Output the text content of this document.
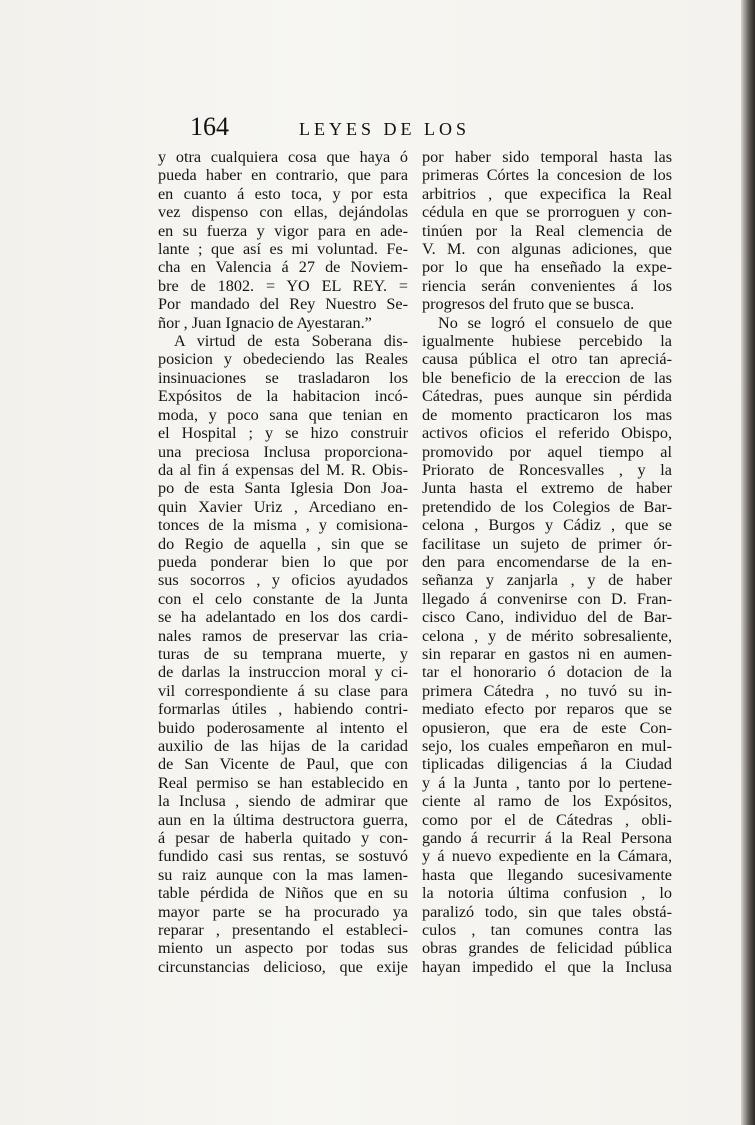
164	LEYES DE LOS
y otra cualquiera cosa que haya ó
pueda haber en contrario, que para
en cuanto á esto toca, y por esta
vez dispenso con ellas, dejándolas
en su fuerza y vigor para en ade-
lante ; que así es mi voluntad. Fe-
cha en Valencia á 27 de Noviem-
bre de 1802. = YO EL REY. =
Por mandado del Rey Nuestro Se-
ñor , Juan Ignacio de Ayestaran.”
A virtud de esta Soberana dis-
posicion y obedeciendo las Reales
insinuaciones se trasladaron los
Expósitos de la habitacion incó-
moda, y poco sana que tenian en
el Hospital ; y se hizo construir
una preciosa Inclusa proporciona-
da al fin á expensas del M. R. Obis-
po de esta Santa Iglesia Don Joa-
quin Xavier Uriz , Arcediano en-
tonces de la misma , y comisiona-
do Regio de aquella , sin que se
pueda ponderar bien lo que por
sus socorros , y oficios ayudados
con el celo constante de la Junta
se ha adelantado en los dos cardi-
nales ramos de preservar las cria-
turas de su temprana muerte, y
de darlas la instruccion moral y ci-
vil correspondiente á su clase para
formarlas útiles , habiendo contri-
buido poderosamente al intento el
auxilio de las hijas de la caridad
de San Vicente de Paul, que con
Real permiso se han establecido en
la Inclusa , siendo de admirar que
aun en la última destructora guerra,
á pesar de haberla quitado y con-
fundido casi sus rentas, se sostuvó
su raiz aunque con la mas lamen-
table pérdida de Niños que en su
mayor parte se ha procurado ya
reparar , presentando el estableci-
miento un aspecto por todas sus
circunstancias delicioso, que exije
por haber sido temporal hasta las
primeras Córtes la concesion de los
arbitrios , que expecifica la Real
cédula en que se prorroguen y con-
tinúen por la Real clemencia de
V. M. con algunas adiciones, que
por lo que ha enseñado la expe-
riencia serán convenientes á los
progresos del fruto que se busca.
No se logró el consuelo de que
igualmente hubiese percebido la
causa pública el otro tan apreciá-
ble beneficio de la ereccion de las
Cátedras, pues aunque sin pérdida
de momento practicaron los mas
activos oficios el referido Obispo,
promovido por aquel tiempo al
Priorato de Roncesvalles , y la
Junta hasta el extremo de haber
pretendido de los Colegios de Bar-
celona , Burgos y Cádiz , que se
facilitase un sujeto de primer ór-
den para encomendarse de la en-
señanza y zanjarla , y de haber
llegado á convenirse con D. Fran-
cisco Cano, individuo del de Bar-
celona , y de mérito sobresaliente,
sin reparar en gastos ni en aumen-
tar el honorario ó dotacion de la
primera Cátedra , no tuvó su in-
mediato efecto por reparos que se
opusieron, que era de este Con-
sejo, los cuales empeñaron en mul-
tiplicadas diligencias á la Ciudad
y á la Junta , tanto por lo pertene-
ciente al ramo de los Expósitos,
como por el de Cátedras , obli-
gando á recurrir á la Real Persona
y á nuevo expediente en la Cámara,
hasta que llegando sucesivamente
la notoria última confusion , lo
paralizó todo, sin que tales obstá-
culos , tan comunes contra las
obras grandes de felicidad pública
hayan impedido el que la Inclusa
